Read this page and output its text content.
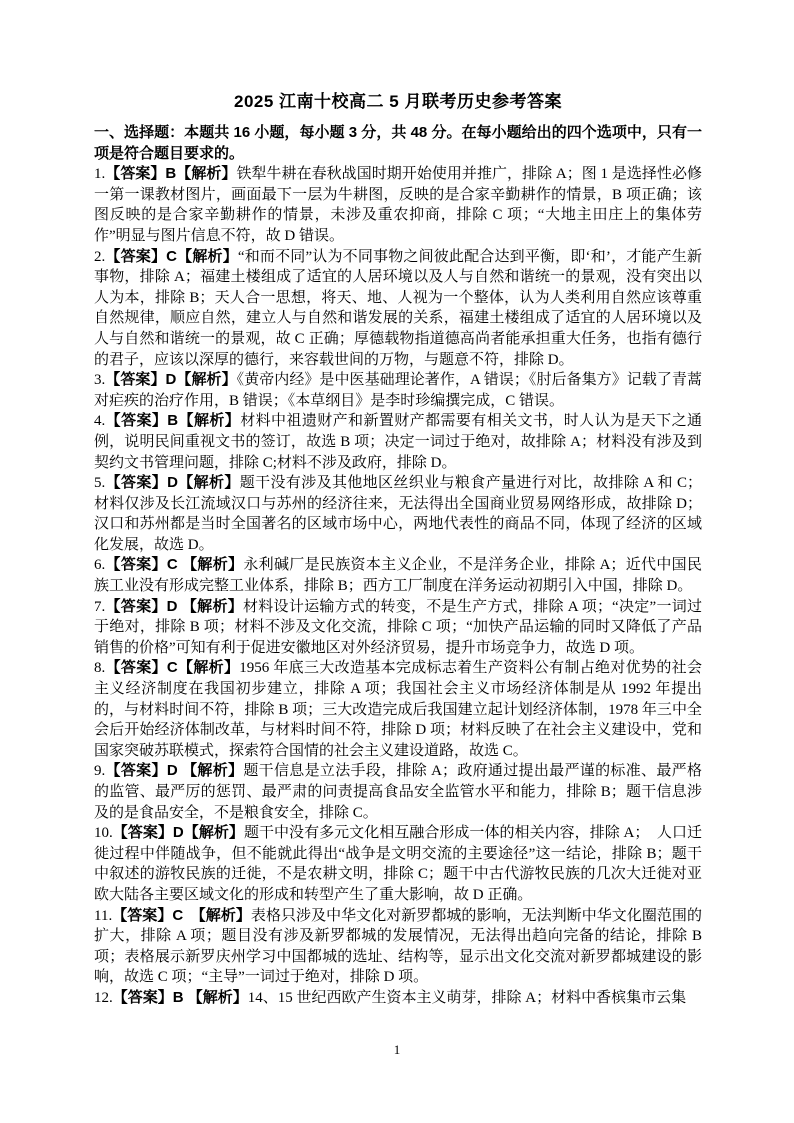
2025 江南十校高二 5 月联考历史参考答案

一、选择题：本题共 16 小题，每小题 3 分，共 48 分。在每小题给出的四个选项中，只有一项是符合题目要求的。

1.【答案】B【解析】铁犁牛耕在春秋战国时期开始使用并推广，排除 A；图 1 是选择性必修一第一课教材图片，画面最下一层为牛耕图，反映的是合家辛勤耕作的情景，B 项正确；该图反映的是合家辛勤耕作的情景，未涉及重农抑商，排除 C 项；“大地主田庄上的集体劳作”明显与图片信息不符，故 D 错误。

2.【答案】C【解析】“和而不同”认为不同事物之间彼此配合达到平衡，即‘和’，才能产生新事物，排除 A；福建土楼组成了适宜的人居环境以及人与自然和谐统一的景观，没有突出以人为本，排除 B；天人合一思想，将天、地、人视为一个整体，认为人类利用自然应该尊重自然规律，顺应自然，建立人与自然和谐发展的关系，福建土楼组成了适宜的人居环境以及人与自然和谐统一的景观，故 C 正确；厚德载物指道德高尚者能承担重大任务，也指有德行的君子，应该以深厚的德行，来容载世间的万物，与题意不符，排除 D。

3.【答案】D【解析】《黄帝内经》是中医基础理论著作，A 错误；《肘后备集方》记载了青蒿对疟疾的治疗作用，B 错误；《本草纲目》是李时珍编撰完成，C 错误。

4.【答案】B【解析】材料中祖遗财产和新置财产都需要有相关文书，时人认为是天下之通例，说明民间重视文书的签订，故选 B 项；决定一词过于绝对，故排除 A；材料没有涉及到契约文书管理问题，排除 C;材料不涉及政府，排除 D。

5.【答案】D【解析】题干没有涉及其他地区丝织业与粮食产量进行对比，故排除 A 和 C；材料仅涉及长江流域汉口与苏州的经济往来，无法得出全国商业贸易网络形成，故排除 D；汉口和苏州都是当时全国著名的区域市场中心，两地代表性的商品不同，体现了经济的区域化发展，故选 D。

6.【答案】C 【解析】永利碱厂是民族资本主义企业，不是洋务企业，排除 A；近代中国民族工业没有形成完整工业体系，排除 B；西方工厂制度在洋务运动初期引入中国，排除 D。

7.【答案】D 【解析】材料设计运输方式的转变，不是生产方式，排除 A 项；“决定”一词过于绝对，排除 B 项；材料不涉及文化交流，排除 C 项；“加快产品运输的同时又降低了产品销售的价格”可知有利于促进安徽地区对外经济贸易，提升市场竞争力，故选 D 项。

8.【答案】C【解析】1956 年底三大改造基本完成标志着生产资料公有制占绝对优势的社会主义经济制度在我国初步建立，排除 A 项；我国社会主义市场经济体制是从 1992 年提出的，与材料时间不符，排除 B 项；三大改造完成后我国建立起计划经济体制，1978 年三中全会后开始经济体制改革，与材料时间不符，排除 D 项；材料反映了在社会主义建设中，党和国家突破苏联模式，探索符合国情的社会主义建设道路，故选 C。

9.【答案】D 【解析】题干信息是立法手段，排除 A；政府通过提出最严谨的标准、最严格的监管、最严厉的惩罚、最严肃的问责提高食品安全监管水平和能力，排除 B；题干信息涉及的是食品安全，不是粮食安全，排除 C。

10.【答案】D【解析】题干中没有多元文化相互融合形成一体的相关内容，排除 A； 人口迁徙过程中伴随战争，但不能就此得出“战争是文明交流的主要途径”这一结论，排除 B；题干中叙述的游牧民族的迁徙，不是农耕文明，排除 C；题干中古代游牧民族的几次大迁徙对亚欧大陆各主要区域文化的形成和转型产生了重大影响，故 D 正确。

11.【答案】C 【解析】表格只涉及中华文化对新罗都城的影响，无法判断中华文化圈范围的扩大，排除 A 项；题目没有涉及新罗都城的发展情况，无法得出趋向完备的结论，排除 B 项；表格展示新罗庆州学习中国都城的选址、结构等，显示出文化交流对新罗都城建设的影响，故选 C 项；“主导”一词过于绝对，排除 D 项。

12.【答案】B 【解析】14、15 世纪西欧产生资本主义萌芽，排除 A；材料中香槟集市云集

1
